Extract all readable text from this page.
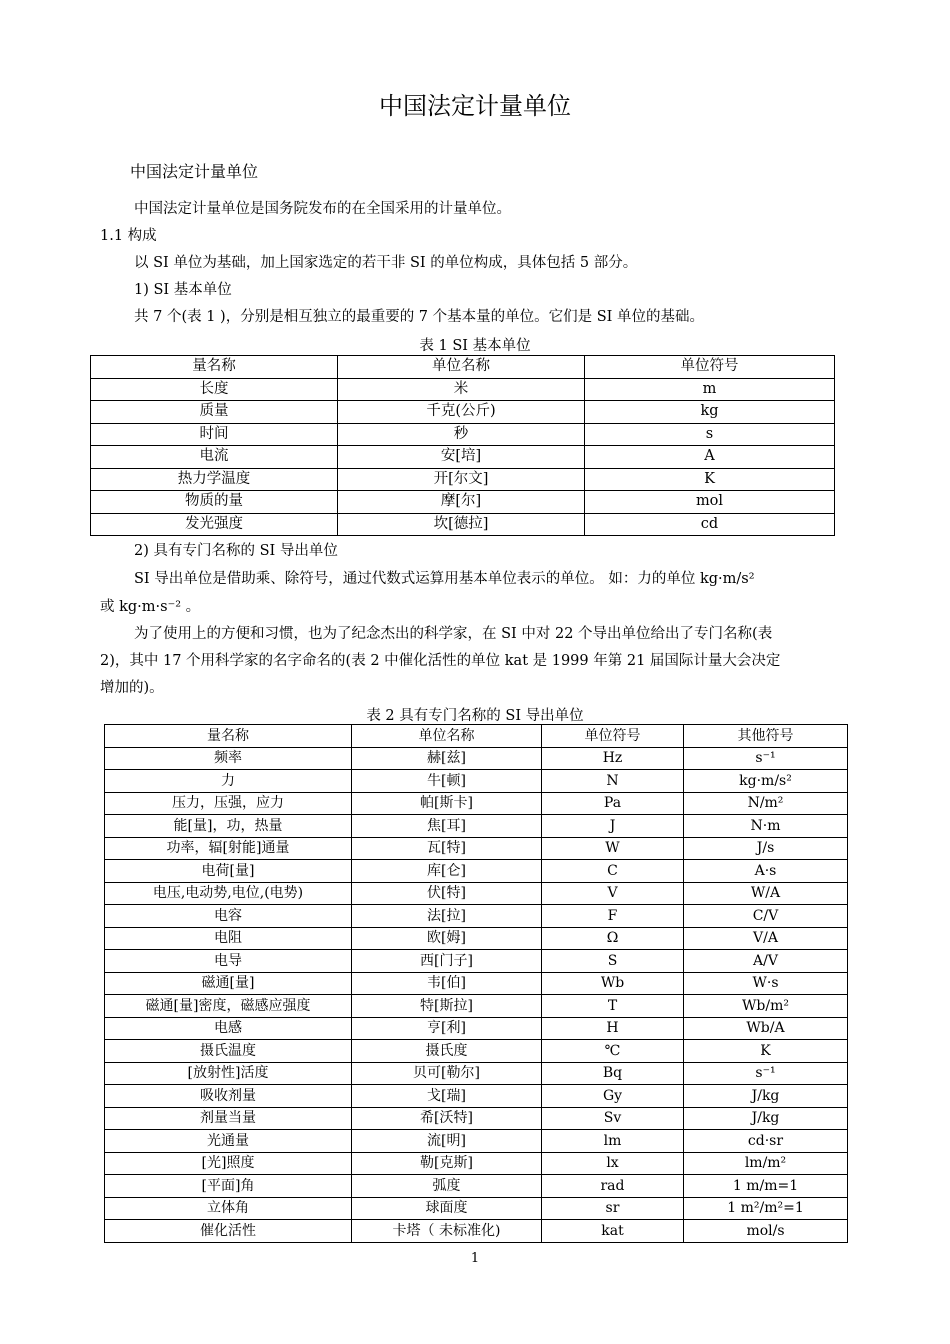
中国法定计量单位
中国法定计量单位
中国法定计量单位是国务院发布的在全国采用的计量单位。
1.1 构成
以 SI 单位为基础，加上国家选定的若干非 SI 的单位构成，具体包括 5 部分。
1) SI 基本单位
共 7 个(表 1 )，分别是相互独立的最重要的 7 个基本量的单位。它们是 SI 单位的基础。
表 1 SI 基本单位
量名称	单位名称	单位符号
长度	米	m
质量	千克(公斤)	kg
时间	秒	s
电流	安[培]	A
热力学温度	开[尔文]	K
物质的量	摩[尔]	mol
发光强度	坎[德拉]	cd
2) 具有专门名称的 SI 导出单位
SI 导出单位是借助乘、除符号，通过代数式运算用基本单位表示的单位。 如：力的单位 kg·m/s²
或 kg·m·s⁻² 。
为了使用上的方便和习惯，也为了纪念杰出的科学家，在 SI 中对 22 个导出单位给出了专门名称(表
2)，其中 17 个用科学家的名字命名的(表 2 中催化活性的单位 kat 是 1999 年第 21 届国际计量大会决定
增加的)。
表 2 具有专门名称的 SI 导出单位
量名称	单位名称	单位符号	其他符号
频率	赫[兹]	Hz	s⁻¹
力	牛[顿]	N	kg·m/s²
压力，压强，应力	帕[斯卡]	Pa	N/m²
能[量]，功，热量	焦[耳]	J	N·m
功率，辐[射能]通量	瓦[特]	W	J/s
电荷[量]	库[仑]	C	A·s
电压,电动势,电位,(电势)	伏[特]	V	W/A
电容	法[拉]	F	C/V
电阻	欧[姆]	Ω	V/A
电导	西[门子]	S	A/V
磁通[量]	韦[伯]	Wb	W·s
磁通[量]密度，磁感应强度	特[斯拉]	T	Wb/m²
电感	亨[利]	H	Wb/A
摄氏温度	摄氏度	℃	K
[放射性]活度	贝可[勒尔]	Bq	s⁻¹
吸收剂量	戈[瑞]	Gy	J/kg
剂量当量	希[沃特]	Sv	J/kg
光通量	流[明]	lm	cd·sr
[光]照度	勒[克斯]	lx	lm/m²
[平面]角	弧度	rad	1 m/m=1
立体角	球面度	sr	1 m²/m²=1
催化活性	卡塔（ 未标准化)	kat	mol/s
1
